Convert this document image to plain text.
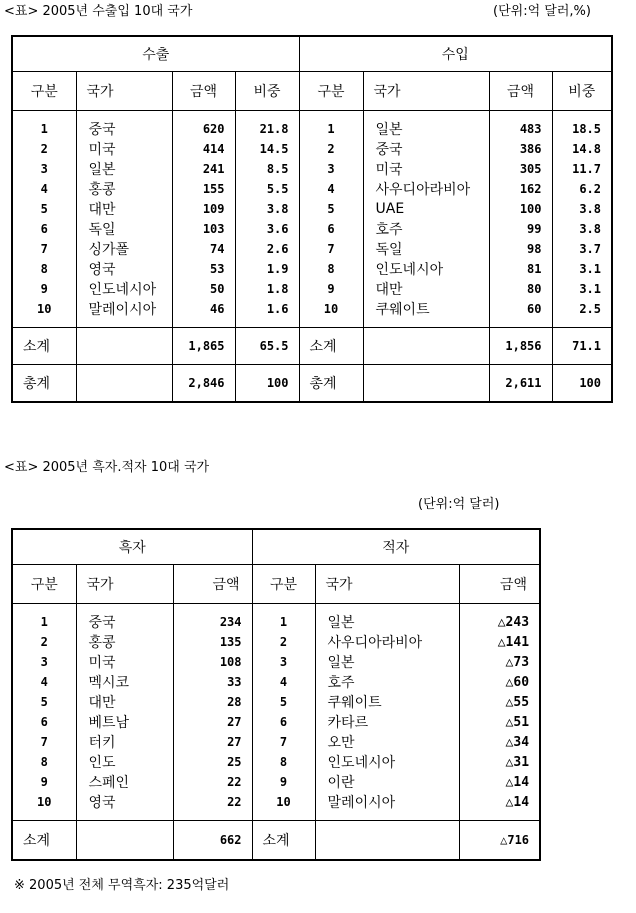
<표> 2005년 수출입 10대 국가	(단위:억 달러,%)
수출				수입			
구분	국가	금액	비중	구분	국가	금액	비중

1	중국	620	21.8	1	일본	483	18.5
2	미국	414	14.5	2	중국	386	14.8
3	일본	241	8.5	3	미국	305	11.7
4	홍콩	155	5.5	4	사우디아라비아	162	6.2
5	대만	109	3.8	5	UAE	100	3.8
6	독일	103	3.6	6	호주	99	3.8
7	싱가폴	74	2.6	7	독일	98	3.7
8	영국	53	1.9	8	인도네시아	81	3.1
9	인도네시아	50	1.8	9	대만	80	3.1
10	말레이시아	46	1.6	10	쿠웨이트	60	2.5

소계		1,865	65.5	소계		1,856	71.1
총계		2,846	100	총계		2,611	100
<표> 2005년 흑자.적자 10대 국가
(단위:억 달러)
흑자			적자		
구분	국가	금액	구분	국가	금액

1	중국	234	1	일본	△243
2	홍콩	135	2	사우디아라비아	△141
3	미국	108	3	일본	△73
4	멕시코	33	4	호주	△60
5	대만	28	5	쿠웨이트	△55
6	베트남	27	6	카타르	△51
7	터키	27	7	오만	△34
8	인도	25	8	인도네시아	△31
9	스페인	22	9	이란	△14
10	영국	22	10	말레이시아	△14

소계		662	소계		△716
※ 2005년 전체 무역흑자: 235억달러
